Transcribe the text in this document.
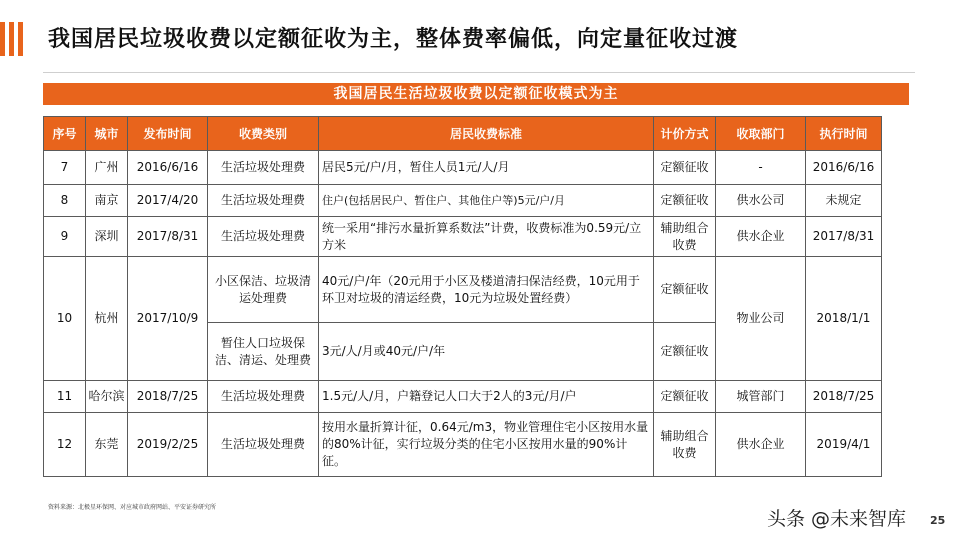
我国居民垃圾收费以定额征收为主，整体费率偏低，向定量征收过渡
我国居民生活垃圾收费以定额征收模式为主
序号	城市	发布时间	收费类别	居民收费标准	计价方式	收取部门	执行时间
7	广州	2016/6/16	生活垃圾处理费	居民5元/户/月，暂住人员1元/人/月	定额征收	-	2016/6/16
8	南京	2017/4/20	生活垃圾处理费	住户(包括居民户、暂住户、其他住户等)5元/户/月	定额征收	供水公司	未规定
9	深圳	2017/8/31	生活垃圾处理费	统一采用“排污水量折算系数法”计费，收费标准为0.59元/立方米	辅助组合收费	供水企业	2017/8/31
10	杭州	2017/10/9	小区保洁、垃圾清运处理费	40元/户/年（20元用于小区及楼道清扫保洁经费，10元用于环卫对垃圾的清运经费，10元为垃圾处置经费）	定额征收	物业公司	2018/1/1
			暂住人口垃圾保洁、清运、处理费	3元/人/月或40元/户/年	定额征收		
11	哈尔滨	2018/7/25	生活垃圾处理费	1.5元/人/月，户籍登记人口大于2人的3元/月/户	定额征收	城管部门	2018/7/25
12	东莞	2019/2/25	生活垃圾处理费	按用水量折算计征，0.64元/m3，物业管理住宅小区按用水量的80%计征，实行垃圾分类的住宅小区按用水量的90%计征。	辅助组合收费	供水企业	2019/4/1
资料来源：北极星环保网、对应城市政府网站、平安证券研究所
头条 @未来智库 25
